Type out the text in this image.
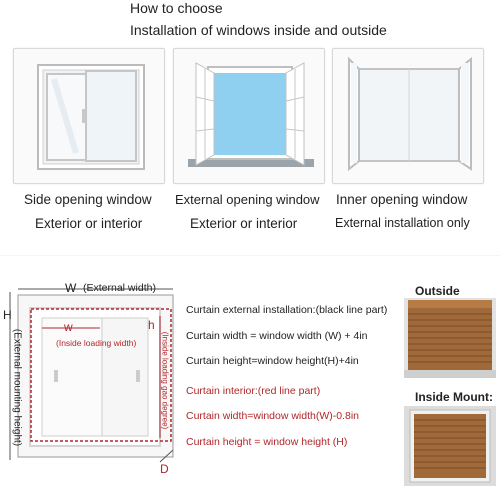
How to choose
Installation of windows inside and outside
Side opening window
Exterior or interior
External opening window
Exterior or interior
Inner opening window
External installation only
W (External width)
w
(Inside loading width)
H
(External mounting height)
h
(Inside loading gao degree)
D
Curtain external installation:(black line part)
Curtain width = window width (W) + 4in
Curtain height=window height(H)+4in
Curtain interior:(red line part)
Curtain width=window width(W)-0.8in
Curtain height = window height (H)
Outside
Inside Mount:
